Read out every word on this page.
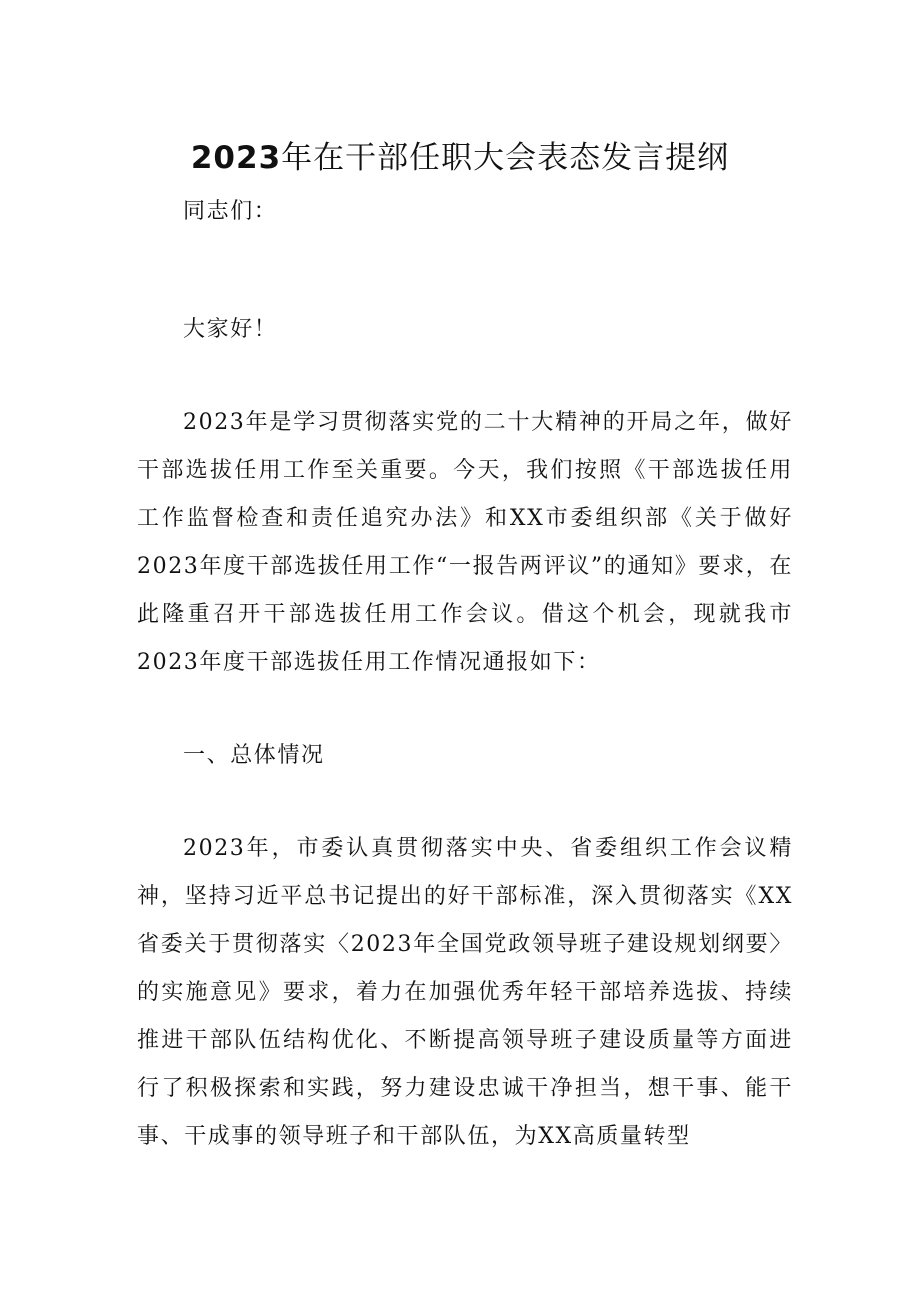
2023年在干部任职大会表态发言提纲

同志们：

大家好！

2023年是学习贯彻落实党的二十大精神的开局之年，做好干部选拔任用工作至关重要。今天，我们按照《干部选拔任用工作监督检查和责任追究办法》和XX市委组织部《关于做好2023年度干部选拔任用工作“一报告两评议”的通知》要求，在此隆重召开干部选拔任用工作会议。借这个机会，现就我市2023年度干部选拔任用工作情况通报如下：

一、总体情况

2023年，市委认真贯彻落实中央、省委组织工作会议精神，坚持习近平总书记提出的好干部标准，深入贯彻落实《XX省委关于贯彻落实〈2023年全国党政领导班子建设规划纲要〉的实施意见》要求，着力在加强优秀年轻干部培养选拔、持续推进干部队伍结构优化、不断提高领导班子建设质量等方面进行了积极探索和实践，努力建设忠诚干净担当，想干事、能干事、干成事的领导班子和干部队伍，为XX高质量转型
